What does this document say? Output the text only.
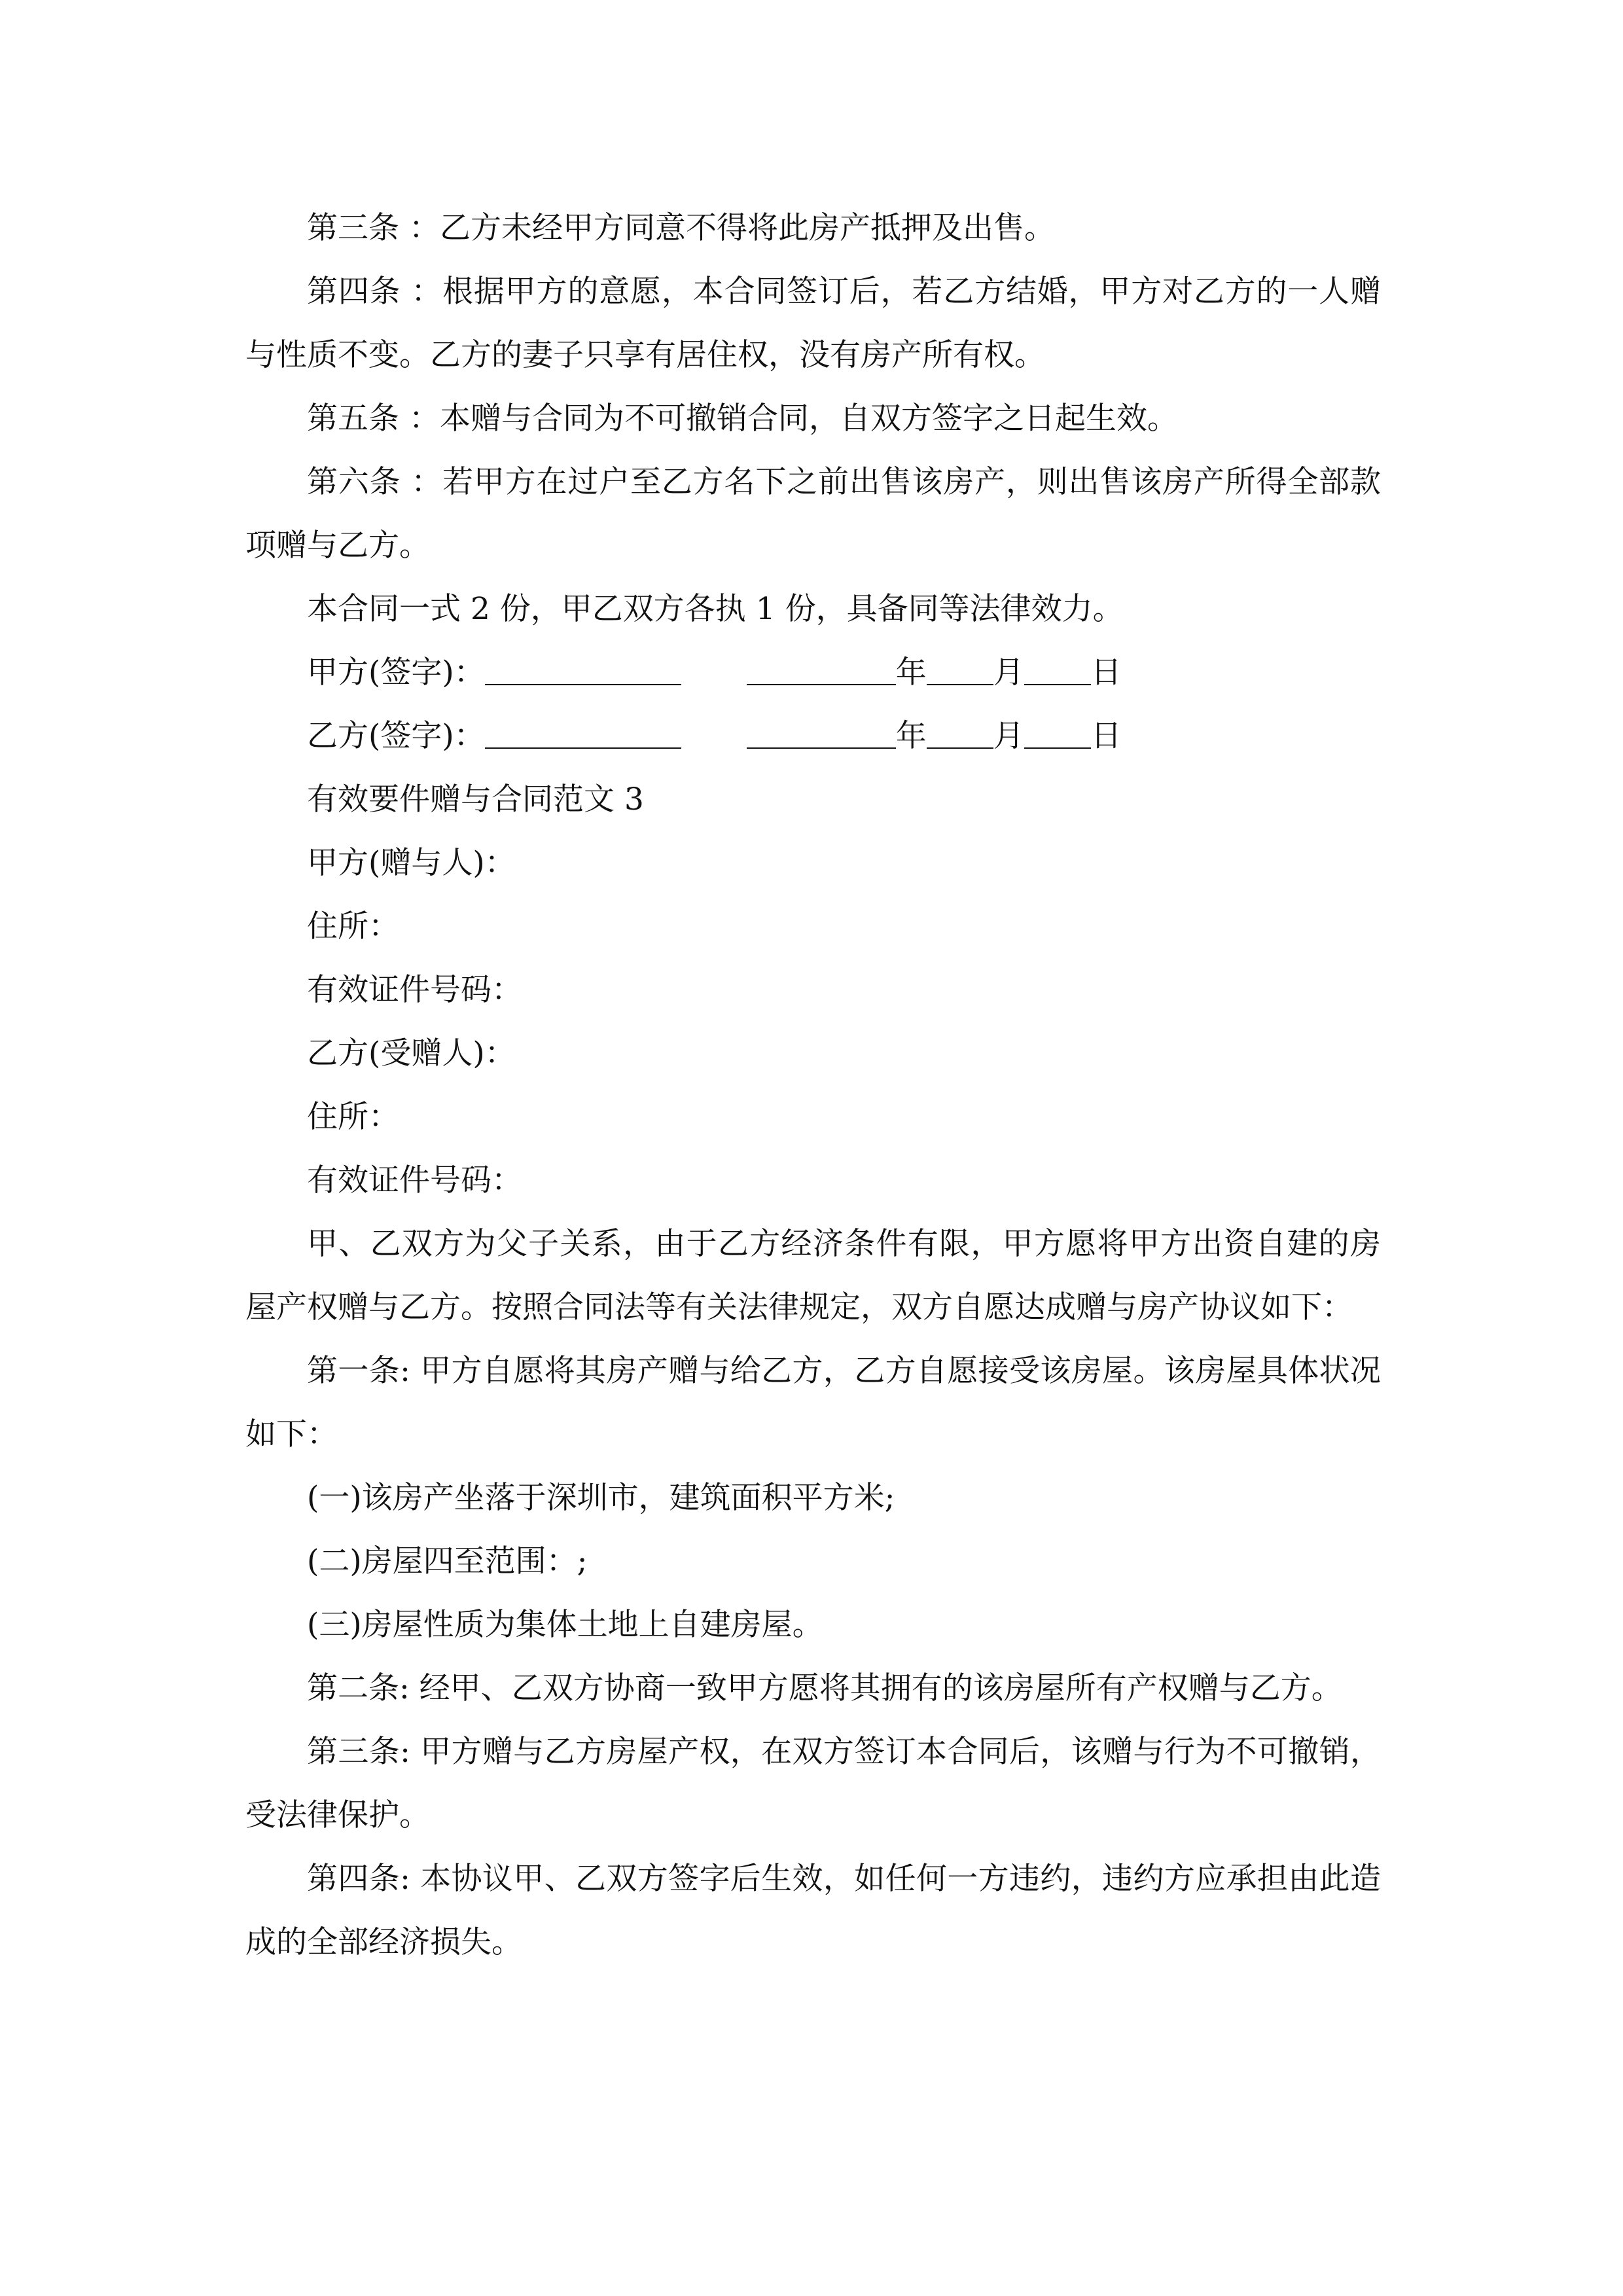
第三条 ：乙方未经甲方同意不得将此房产抵押及出售。

第四条 ：根据甲方的意愿，本合同签订后，若乙方结婚，甲方对乙方的一人赠与性质不变。乙方的妻子只享有居住权，没有房产所有权。

第五条 ：本赠与合同为不可撤销合同，自双方签字之日起生效。

第六条 ：若甲方在过户至乙方名下之前出售该房产，则出售该房产所得全部款项赠与乙方。

本合同一式 2 份，甲乙双方各执 1 份，具备同等法律效力。

甲方(签字)：	年 月 日
乙方(签字)：	年 月 日

有效要件赠与合同范文 3

甲方(赠与人)：

住所：

有效证件号码：

乙方(受赠人)：

住所：

有效证件号码：

甲、乙双方为父子关系，由于乙方经济条件有限，甲方愿将甲方出资自建的房屋产权赠与乙方。按照合同法等有关法律规定，双方自愿达成赠与房产协议如下：

第一条: 甲方自愿将其房产赠与给乙方，乙方自愿接受该房屋。该房屋具体状况如下：

(一)该房产坐落于深圳市，建筑面积平方米;

(二)房屋四至范围：;

(三)房屋性质为集体土地上自建房屋。

第二条: 经甲、乙双方协商一致甲方愿将其拥有的该房屋所有产权赠与乙方。

第三条: 甲方赠与乙方房屋产权，在双方签订本合同后，该赠与行为不可撤销，受法律保护。

第四条: 本协议甲、乙双方签字后生效，如任何一方违约，违约方应承担由此造成的全部经济损失。
